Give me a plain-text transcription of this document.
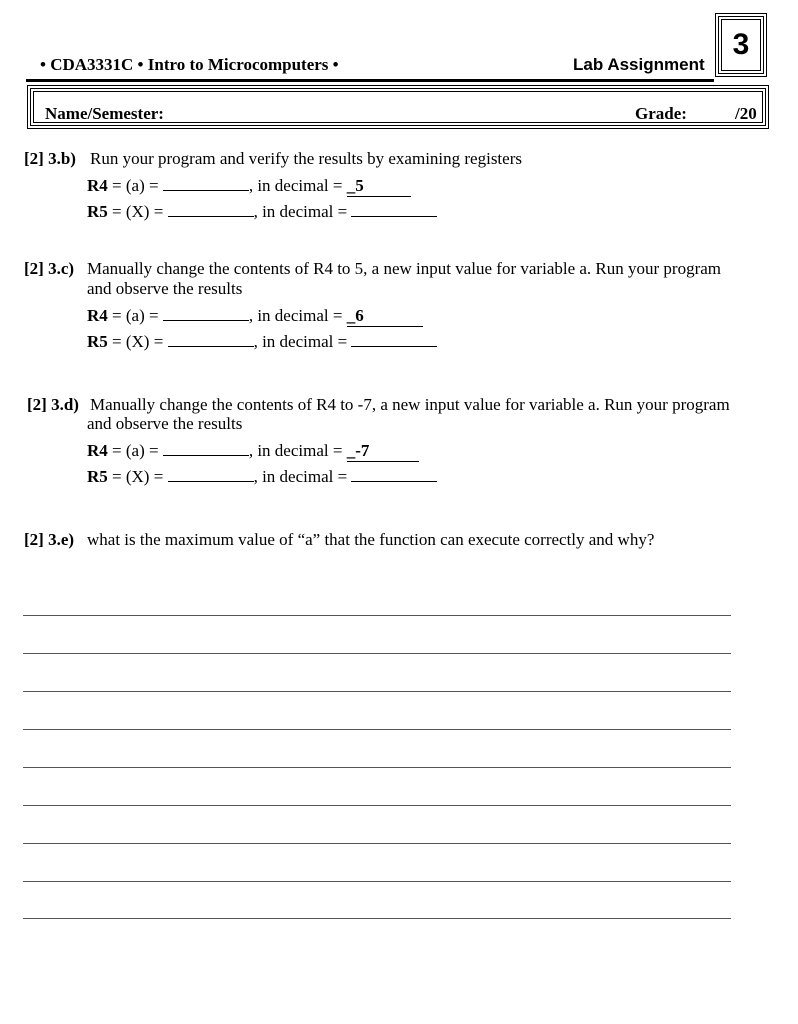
• CDA3331C • Intro to Microcomputers •	Lab Assignment
3
Name/Semester:	Grade:	/20
[2] 3.b) Run your program and verify the results by examining registers
R4 = (a) =	, in decimal = _5
R5 = (X) =	, in decimal =
[2] 3.c) Manually change the contents of R4 to 5, a new input value for variable a. Run your program
and observe the results
R4 = (a) =	, in decimal = _6
R5 = (X) =	, in decimal =
[2] 3.d) Manually change the contents of R4 to -7, a new input value for variable a. Run your program
and observe the results
R4 = (a) =	, in decimal = _-7
R5 = (X) =	, in decimal =
[2] 3.e) what is the maximum value of “a” that the function can execute correctly and why?
